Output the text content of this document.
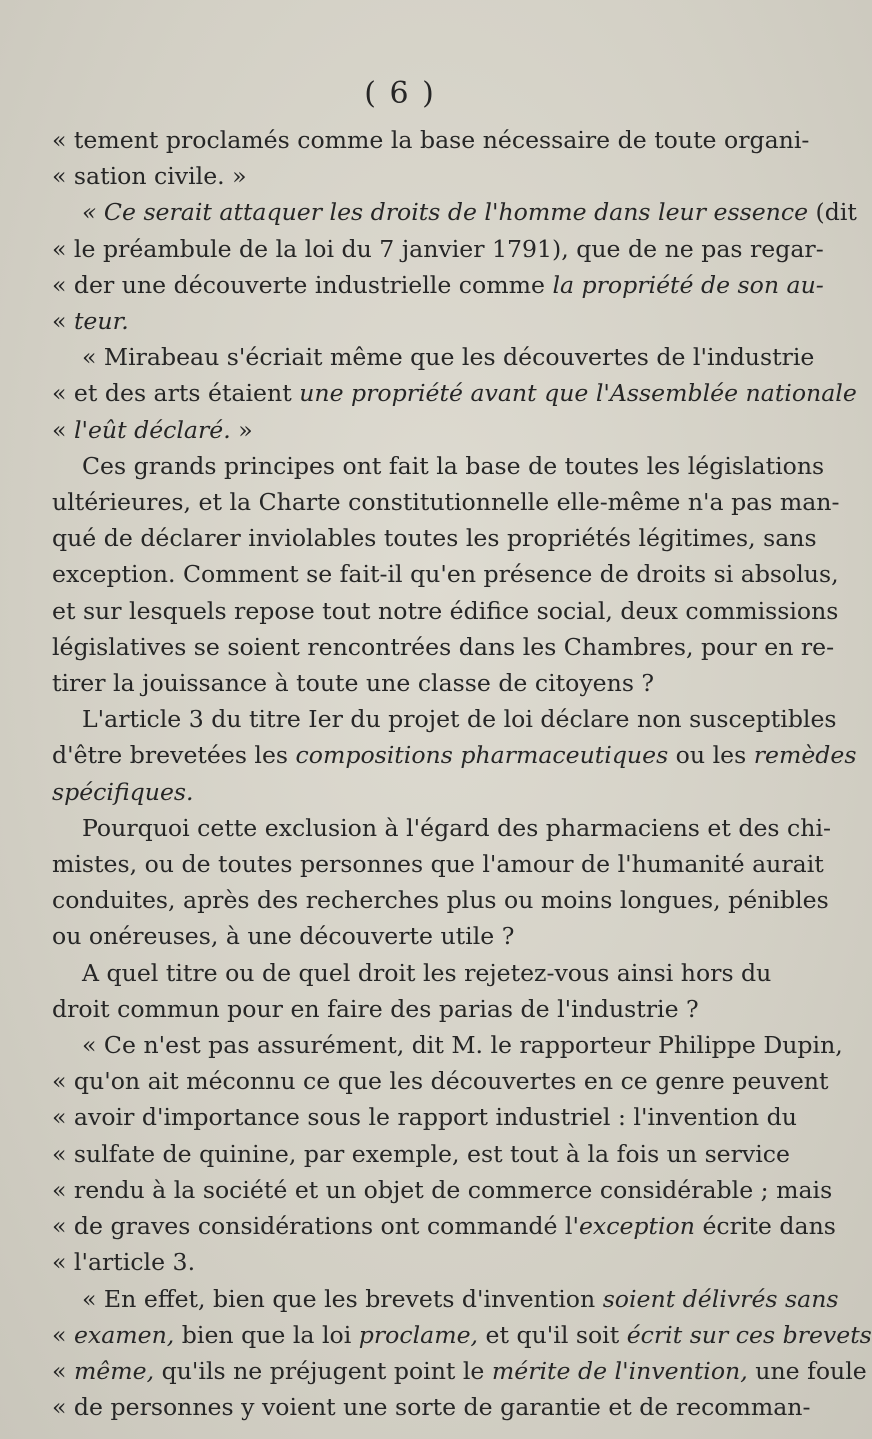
( 6 )
« tement proclamés comme la base nécessaire de toute organi-
« sation civile. »
« Ce serait attaquer les droits de l'homme dans leur essence (dit
« le préambule de la loi du 7 janvier 1791), que de ne pas regar-
« der une découverte industrielle comme la propriété de son au-
« teur.
« Mirabeau s'écriait même que les découvertes de l'industrie
« et des arts étaient une propriété avant que l'Assemblée nationale
« l'eût déclaré. »
Ces grands principes ont fait la base de toutes les législations
ultérieures, et la Charte constitutionnelle elle-même n'a pas man-
qué de déclarer inviolables toutes les propriétés légitimes, sans
exception. Comment se fait-il qu'en présence de droits si absolus,
et sur lesquels repose tout notre édifice social, deux commissions
législatives se soient rencontrées dans les Chambres, pour en re-
tirer la jouissance à toute une classe de citoyens ?
L'article 3 du titre Ier du projet de loi déclare non susceptibles
d'être brevetées les compositions pharmaceutiques ou les remèdes
spécifiques.
Pourquoi cette exclusion à l'égard des pharmaciens et des chi-
mistes, ou de toutes personnes que l'amour de l'humanité aurait
conduites, après des recherches plus ou moins longues, pénibles
ou onéreuses, à une découverte utile ?
A quel titre ou de quel droit les rejetez-vous ainsi hors du
droit commun pour en faire des parias de l'industrie ?
« Ce n'est pas assurément, dit M. le rapporteur Philippe Dupin,
« qu'on ait méconnu ce que les découvertes en ce genre peuvent
« avoir d'importance sous le rapport industriel : l'invention du
« sulfate de quinine, par exemple, est tout à la fois un service
« rendu à la société et un objet de commerce considérable ; mais
« de graves considérations ont commandé l'exception écrite dans
« l'article 3.
« En effet, bien que les brevets d'invention soient délivrés sans
« examen, bien que la loi proclame, et qu'il soit écrit sur ces brevets
« même, qu'ils ne préjugent point le mérite de l'invention, une foule
« de personnes y voient une sorte de garantie et de recomman-
